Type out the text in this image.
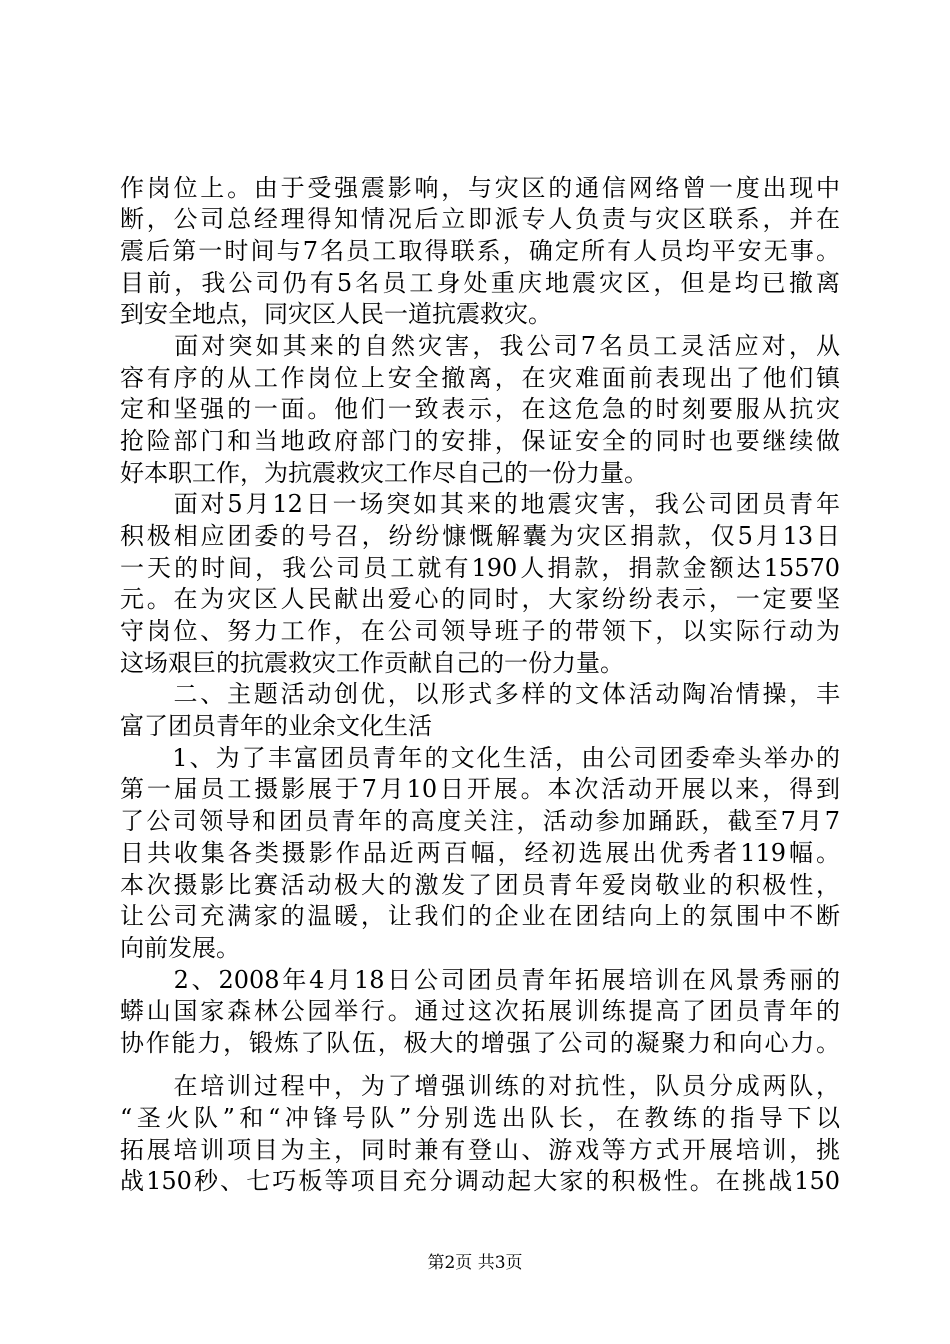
作岗位上。由于受强震影响，与灾区的通信网络曾一度出现中
断，公司总经理得知情况后立即派专人负责与灾区联系，并在
震后第一时间与7名员工取得联系，确定所有人员均平安无事。
目前，我公司仍有5名员工身处重庆地震灾区，但是均已撤离
到安全地点，同灾区人民一道抗震救灾。
　　面对突如其来的自然灾害，我公司7名员工灵活应对，从
容有序的从工作岗位上安全撤离，在灾难面前表现出了他们镇
定和坚强的一面。他们一致表示，在这危急的时刻要服从抗灾
抢险部门和当地政府部门的安排，保证安全的同时也要继续做
好本职工作，为抗震救灾工作尽自己的一份力量。
　　面对5月12日一场突如其来的地震灾害，我公司团员青年
积极相应团委的号召，纷纷慷慨解囊为灾区捐款，仅5月13日
一天的时间，我公司员工就有190人捐款，捐款金额达15570
元。在为灾区人民献出爱心的同时，大家纷纷表示，一定要坚
守岗位、努力工作，在公司领导班子的带领下，以实际行动为
这场艰巨的抗震救灾工作贡献自己的一份力量。
　　二、主题活动创优，以形式多样的文体活动陶冶情操，丰
富了团员青年的业余文化生活
　　1、为了丰富团员青年的文化生活，由公司团委牵头举办的
第一届员工摄影展于7月10日开展。本次活动开展以来，得到
了公司领导和团员青年的高度关注，活动参加踊跃，截至7月7
日共收集各类摄影作品近两百幅，经初选展出优秀者119幅。
本次摄影比赛活动极大的激发了团员青年爱岗敬业的积极性，
让公司充满家的温暖，让我们的企业在团结向上的氛围中不断
向前发展。
　　2、2008年4月18日公司团员青年拓展培训在风景秀丽的
蟒山国家森林公园举行。通过这次拓展训练提高了团员青年的
协作能力，锻炼了队伍，极大的增强了公司的凝聚力和向心力。
　　在培训过程中，为了增强训练的对抗性，队员分成两队，
“圣火队”和“冲锋号队”分别选出队长，在教练的指导下以
拓展培训项目为主，同时兼有登山、游戏等方式开展培训，挑
战150秒、七巧板等项目充分调动起大家的积极性。在挑战150
第2页 共3页
